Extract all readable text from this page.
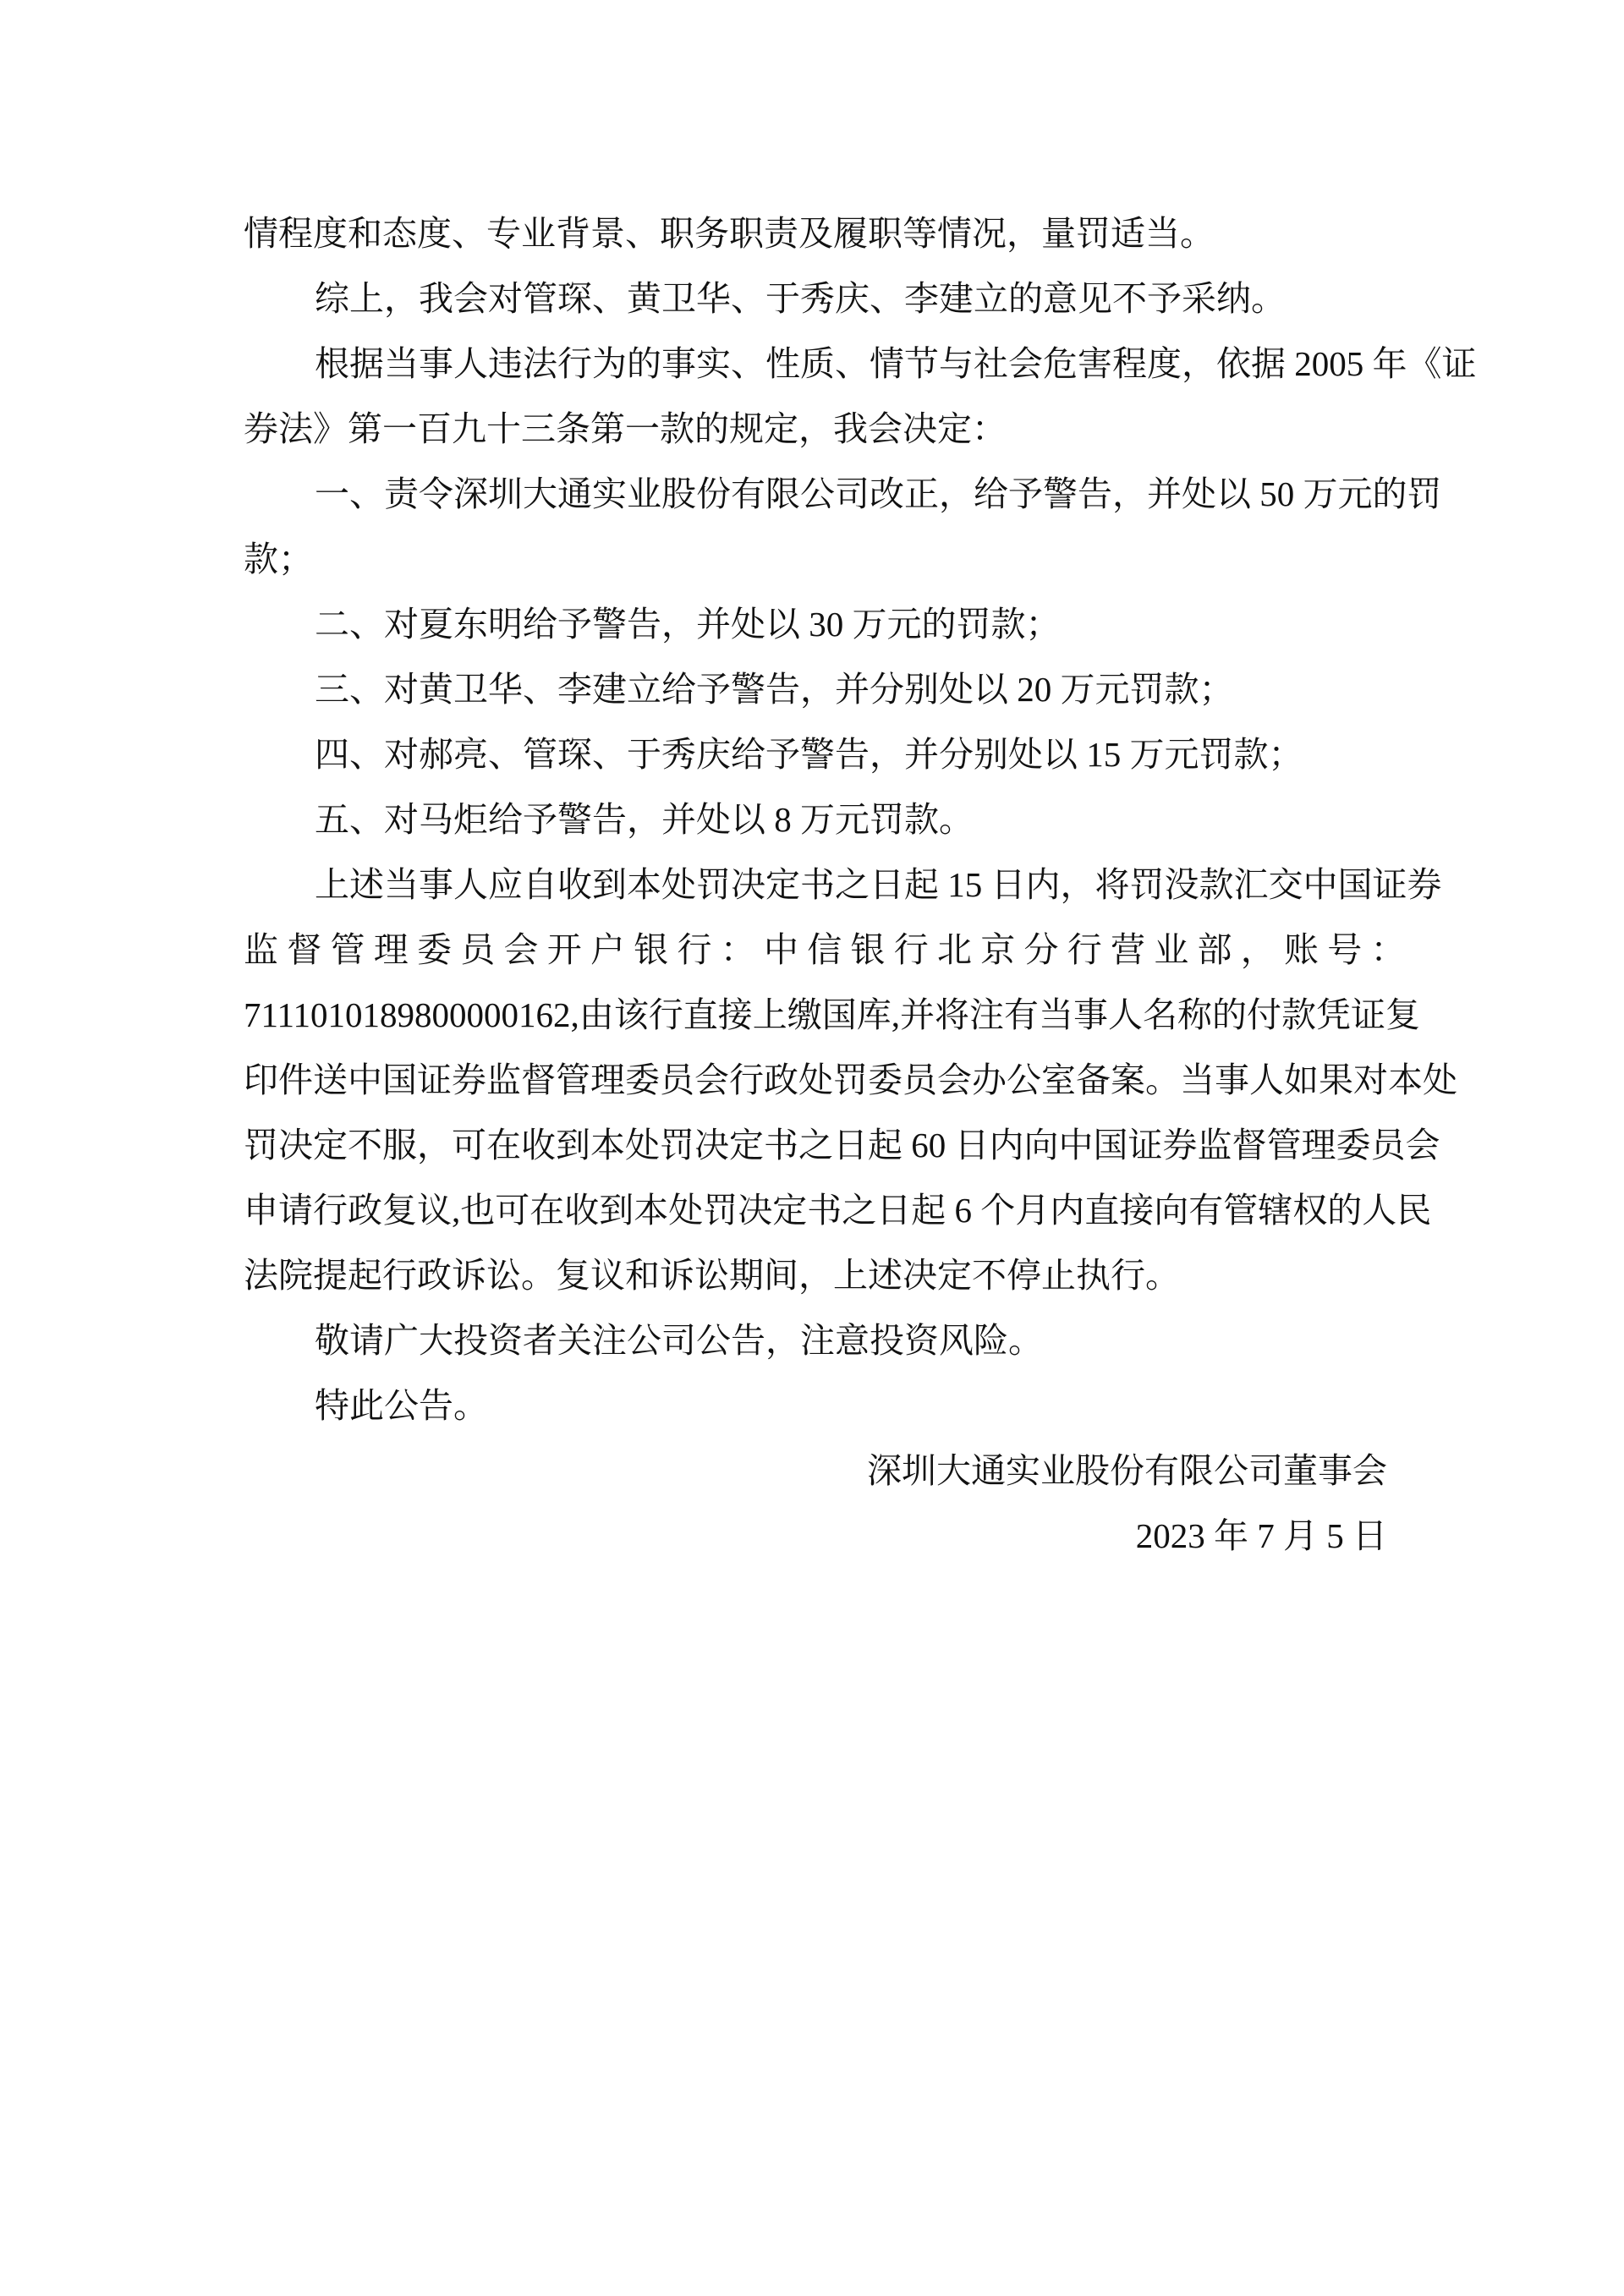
情程度和态度、专业背景、职务职责及履职等情况，量罚适当。
综上，我会对管琛、黄卫华、于秀庆、李建立的意见不予采纳。
根据当事人违法行为的事实、性质、情节与社会危害程度，依据 2005 年《证
券法》第一百九十三条第一款的规定，我会决定：
一、责令深圳大通实业股份有限公司改正，给予警告，并处以 50 万元的罚
款；
二、对夏东明给予警告，并处以 30 万元的罚款；
三、对黄卫华、李建立给予警告，并分别处以 20 万元罚款；
四、对郝亮、管琛、于秀庆给予警告，并分别处以 15 万元罚款；
五、对马炬给予警告，并处以 8 万元罚款。
上述当事人应自收到本处罚决定书之日起 15 日内，将罚没款汇交中国证券
监 督 管 理 委 员 会 开 户 银 行 ： 中 信 银 行 北 京 分 行 营 业 部 ， 账 号 ：
7111010189800000162,由该行直接上缴国库,并将注有当事人名称的付款凭证复
印件送中国证券监督管理委员会行政处罚委员会办公室备案。当事人如果对本处
罚决定不服，可在收到本处罚决定书之日起 60 日内向中国证券监督管理委员会
申请行政复议,也可在收到本处罚决定书之日起 6 个月内直接向有管辖权的人民
法院提起行政诉讼。复议和诉讼期间，上述决定不停止执行。
敬请广大投资者关注公司公告，注意投资风险。
特此公告。
深圳大通实业股份有限公司董事会
2023 年 7 月 5 日
